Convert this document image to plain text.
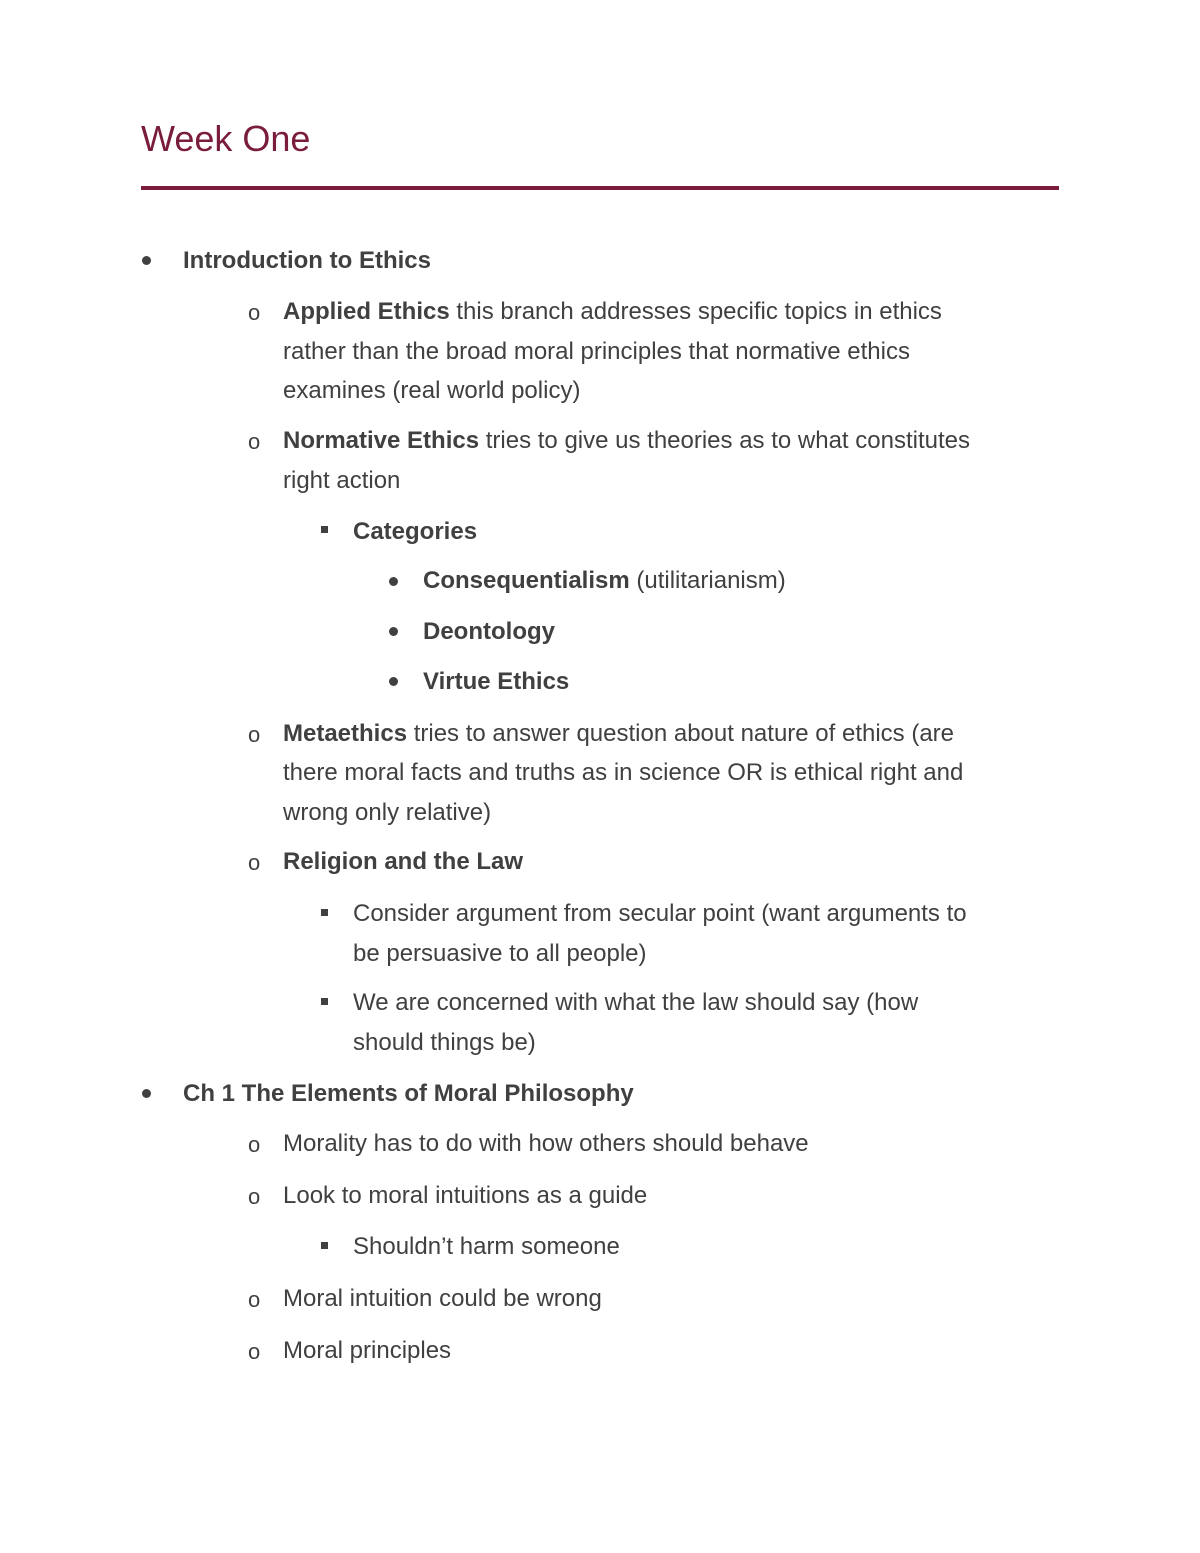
Week One
Introduction to Ethics
o Applied Ethics this branch addresses specific topics in ethics
rather than the broad moral principles that normative ethics
examines (real world policy)
o Normative Ethics tries to give us theories as to what constitutes
right action
Categories
Consequentialism (utilitarianism)
Deontology
Virtue Ethics
o Metaethics tries to answer question about nature of ethics (are
there moral facts and truths as in science OR is ethical right and
wrong only relative)
o Religion and the Law
Consider argument from secular point (want arguments to
be persuasive to all people)
We are concerned with what the law should say (how
should things be)
Ch 1 The Elements of Moral Philosophy
o Morality has to do with how others should behave
o Look to moral intuitions as a guide
Shouldn’t harm someone
o Moral intuition could be wrong
o Moral principles
